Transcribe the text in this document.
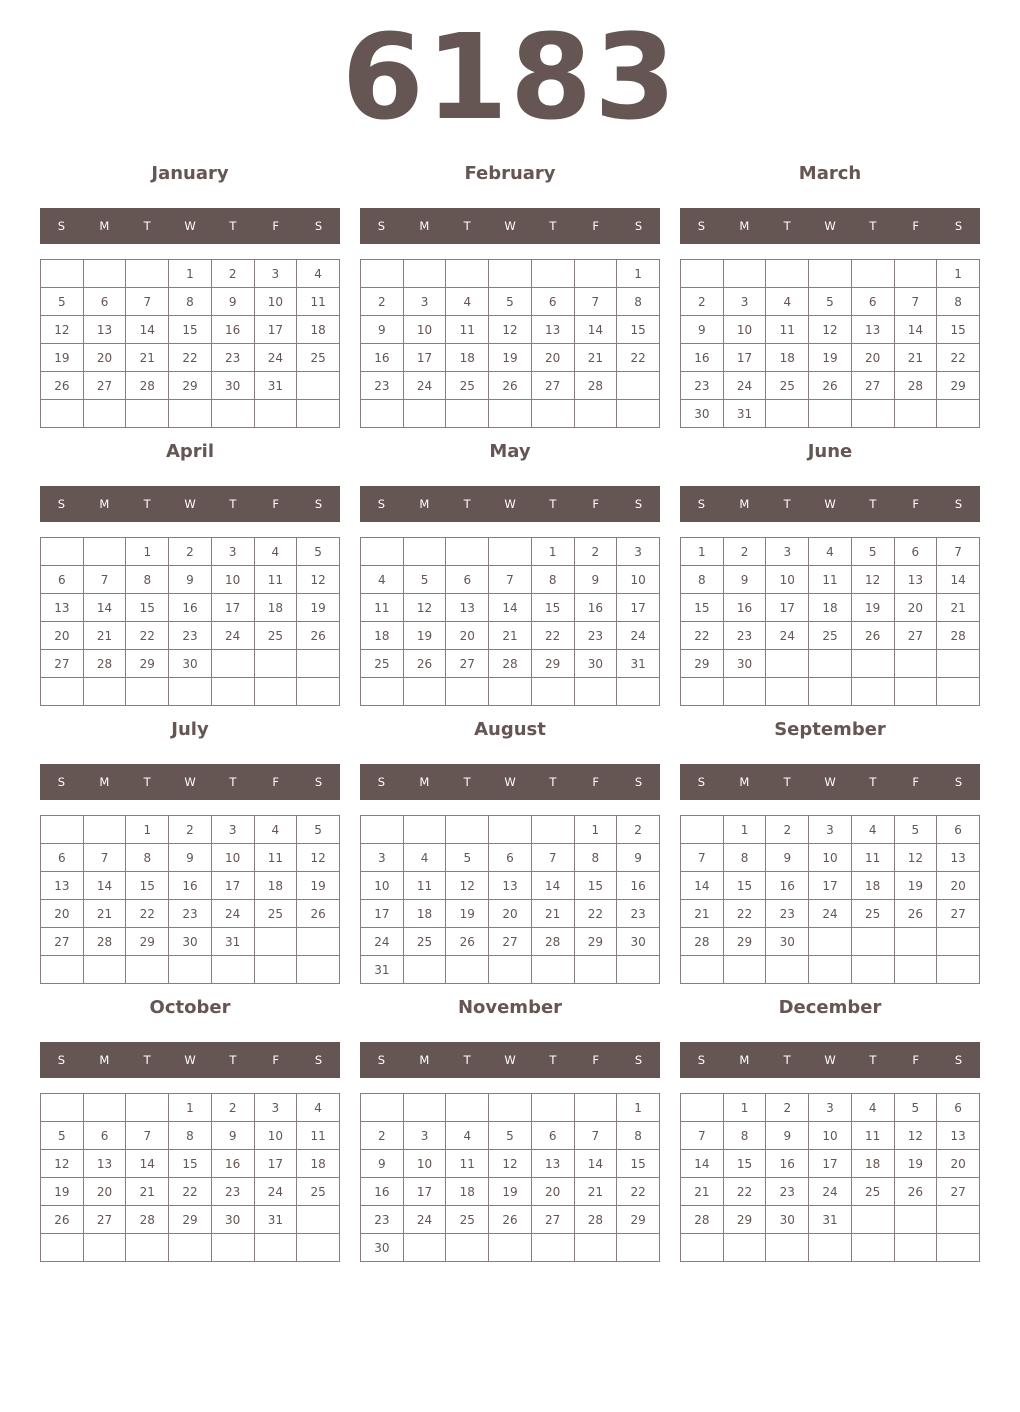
6183
January
S	M	T	W	T	F	S
			1	2	3	4
5	6	7	8	9	10	11
12	13	14	15	16	17	18
19	20	21	22	23	24	25
26	27	28	29	30	31	

February
S	M	T	W	T	F	S
						1
2	3	4	5	6	7	8
9	10	11	12	13	14	15
16	17	18	19	20	21	22
23	24	25	26	27	28	

March
S	M	T	W	T	F	S
						1
2	3	4	5	6	7	8
9	10	11	12	13	14	15
16	17	18	19	20	21	22
23	24	25	26	27	28	29
30	31					
April
S	M	T	W	T	F	S
		1	2	3	4	5
6	7	8	9	10	11	12
13	14	15	16	17	18	19
20	21	22	23	24	25	26
27	28	29	30			

May
S	M	T	W	T	F	S
				1	2	3
4	5	6	7	8	9	10
11	12	13	14	15	16	17
18	19	20	21	22	23	24
25	26	27	28	29	30	31

June
S	M	T	W	T	F	S
1	2	3	4	5	6	7
8	9	10	11	12	13	14
15	16	17	18	19	20	21
22	23	24	25	26	27	28
29	30					

July
S	M	T	W	T	F	S
		1	2	3	4	5
6	7	8	9	10	11	12
13	14	15	16	17	18	19
20	21	22	23	24	25	26
27	28	29	30	31		

August
S	M	T	W	T	F	S
					1	2
3	4	5	6	7	8	9
10	11	12	13	14	15	16
17	18	19	20	21	22	23
24	25	26	27	28	29	30
31						
September
S	M	T	W	T	F	S
	1	2	3	4	5	6
7	8	9	10	11	12	13
14	15	16	17	18	19	20
21	22	23	24	25	26	27
28	29	30				

October
S	M	T	W	T	F	S
			1	2	3	4
5	6	7	8	9	10	11
12	13	14	15	16	17	18
19	20	21	22	23	24	25
26	27	28	29	30	31	

November
S	M	T	W	T	F	S
						1
2	3	4	5	6	7	8
9	10	11	12	13	14	15
16	17	18	19	20	21	22
23	24	25	26	27	28	29
30						
December
S	M	T	W	T	F	S
	1	2	3	4	5	6
7	8	9	10	11	12	13
14	15	16	17	18	19	20
21	22	23	24	25	26	27
28	29	30	31			
